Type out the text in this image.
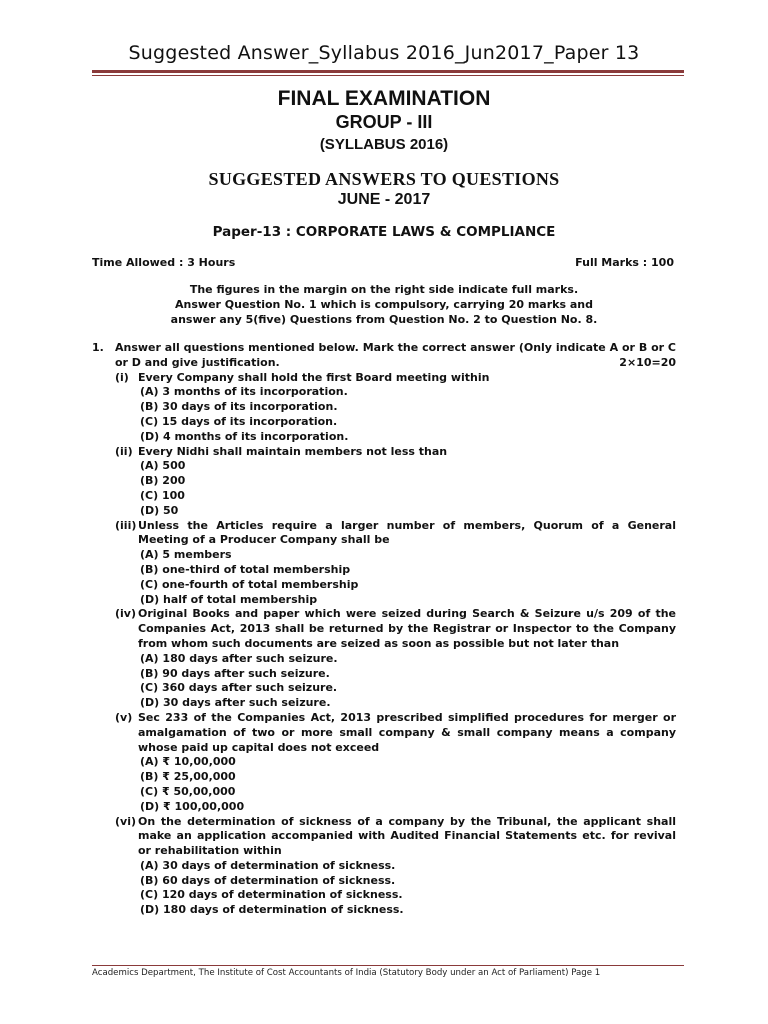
Suggested Answer_Syllabus 2016_Jun2017_Paper 13
FINAL EXAMINATION
GROUP - III
(SYLLABUS 2016)
SUGGESTED ANSWERS TO QUESTIONS
JUNE - 2017
Paper-13 : CORPORATE LAWS & COMPLIANCE
Time Allowed : 3 Hours	Full Marks : 100
The figures in the margin on the right side indicate full marks.
Answer Question No. 1 which is compulsory, carrying 20 marks and
answer any 5(five) Questions from Question No. 2 to Question No. 8.
1. Answer all questions mentioned below. Mark the correct answer (Only indicate A or B or C or D and give justification.	2×10=20
(i) Every Company shall hold the first Board meeting within
(A) 3 months of its incorporation.
(B) 30 days of its incorporation.
(C) 15 days of its incorporation.
(D) 4 months of its incorporation.
(ii) Every Nidhi shall maintain members not less than
(A) 500
(B) 200
(C) 100
(D) 50
(iii) Unless the Articles require a larger number of members, Quorum of a General Meeting of a Producer Company shall be
(A) 5 members
(B) one-third of total membership
(C) one-fourth of total membership
(D) half of total membership
(iv) Original Books and paper which were seized during Search & Seizure u/s 209 of the Companies Act, 2013 shall be returned by the Registrar or Inspector to the Company from whom such documents are seized as soon as possible but not later than
(A) 180 days after such seizure.
(B) 90 days after such seizure.
(C) 360 days after such seizure.
(D) 30 days after such seizure.
(v) Sec 233 of the Companies Act, 2013 prescribed simplified procedures for merger or amalgamation of two or more small company & small company means a company whose paid up capital does not exceed
(A) ₹ 10,00,000
(B) ₹ 25,00,000
(C) ₹ 50,00,000
(D) ₹ 100,00,000
(vi) On the determination of sickness of a company by the Tribunal, the applicant shall make an application accompanied with Audited Financial Statements etc. for revival or rehabilitation within
(A) 30 days of determination of sickness.
(B) 60 days of determination of sickness.
(C) 120 days of determination of sickness.
(D) 180 days of determination of sickness.
Academics Department, The Institute of Cost Accountants of India (Statutory Body under an Act of Parliament) Page 1
